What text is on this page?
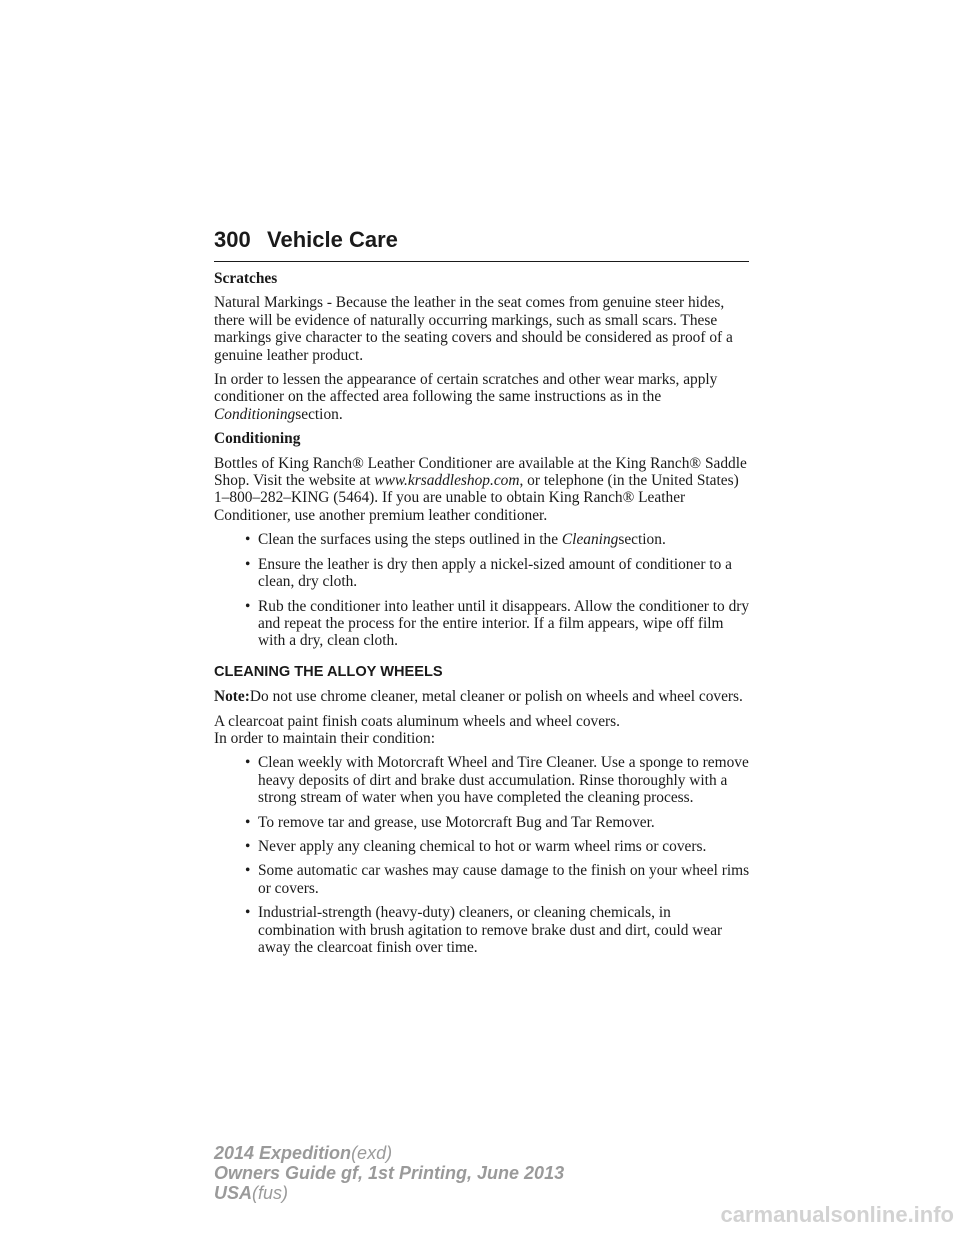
300 Vehicle Care
Scratches

Natural Markings - Because the leather in the seat comes from genuine steer hides, there will be evidence of naturally occurring markings, such as small scars. These markings give character to the seating covers and should be considered as proof of a genuine leather product.

In order to lessen the appearance of certain scratches and other wear marks, apply conditioner on the affected area following the same instructions as in the Conditioningsection.

Conditioning

Bottles of King Ranch® Leather Conditioner are available at the King Ranch® Saddle Shop. Visit the website at www.krsaddleshop.com, or telephone (in the United States) 1–800–282–KING (5464). If you are unable to obtain King Ranch® Leather Conditioner, use another premium leather conditioner.

• Clean the surfaces using the steps outlined in the Cleaningsection.
• Ensure the leather is dry then apply a nickel-sized amount of conditioner to a clean, dry cloth.
• Rub the conditioner into leather until it disappears. Allow the conditioner to dry and repeat the process for the entire interior. If a film appears, wipe off film with a dry, clean cloth.
CLEANING THE ALLOY WHEELS

Note:Do not use chrome cleaner, metal cleaner or polish on wheels and wheel covers.

A clearcoat paint finish coats aluminum wheels and wheel covers.
In order to maintain their condition:

• Clean weekly with Motorcraft Wheel and Tire Cleaner. Use a sponge to remove heavy deposits of dirt and brake dust accumulation. Rinse thoroughly with a strong stream of water when you have completed the cleaning process.
• To remove tar and grease, use Motorcraft Bug and Tar Remover.
• Never apply any cleaning chemical to hot or warm wheel rims or covers.
• Some automatic car washes may cause damage to the finish on your wheel rims or covers.
• Industrial-strength (heavy-duty) cleaners, or cleaning chemicals, in combination with brush agitation to remove brake dust and dirt, could wear away the clearcoat finish over time.
2014 Expedition(exd)
Owners Guide gf, 1st Printing, June 2013
USA(fus)
carmanualsonline.info
